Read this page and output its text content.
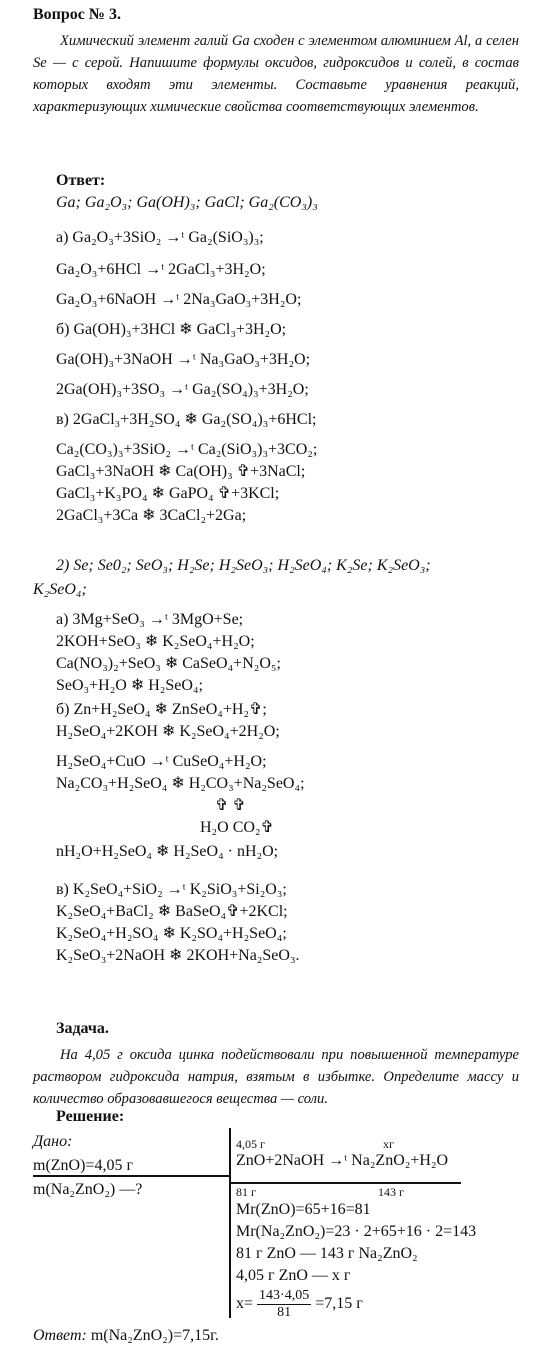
Вопрос № 3.
Химический элемент галий Ga сходен с элементом алюминием Al, а селен Se — с серой. Напишите формулы оксидов, гидроксидов и солей, в состав которых входят эти элементы. Составьте уравнения реакций, характеризующих химические свойства соответствующих элементов.
Ответ:
Ga; Ga₂O₃; Ga(OH)₃; GaCl; Ga₂(CO₃)₃
а) Ga₂O₃+3SiO₂ →ᵗ Ga₂(SiO₃)₃;
Ga₂O₃+6HCl →ᵗ 2GaCl₃+3H₂O;
Ga₂O₃+6NaOH →ᵗ 2Na₃GaO₃+3H₂O;
б) Ga(OH)₃+3HCl ❄ GaCl₃+3H₂O;
Ga(OH)₃+3NaOH →ᵗ Na₃GaO₃+3H₂O;
2Ga(OH)₃+3SO₃ →ᵗ Ga₂(SO₄)₃+3H₂O;
в) 2GaCl₃+3H₂SO₄ ❄ Ga₂(SO₄)₃+6HCl;
Ca₂(CO₃)₃+3SiO₂ →ᵗ Ca₂(SiO₃)₃+3CO₂;
GaCl₃+3NaOH ❄ Ca(OH)₃ ✞+3NaCl;
GaCl₃+K₃PO₄ ❄ GaPO₄ ✞+3KCl;
2GaCl₃+3Ca ❄ 3CaCl₂+2Ga;
2) Se; Se0₂; SeO₃; H₂Se; H₂SeO₃; H₂SeO₄; K₂Se; K₂SeO₃;
K₂SeO₄;
а) 3Mg+SeO₃ →ᵗ 3MgO+Se;
2KOH+SeO₃ ❄ K₂SeO₄+H₂O;
Ca(NO₃)₂+SeO₃ ❄ CaSeO₄+N₂O₅;
SeO₃+H₂O ❄ H₂SeO₄;
б) Zn+H₂SeO₄ ❄ ZnSeO₄+H₂✞;
H₂SeO₄+2KOH ❄ K₂SeO₄+2H₂O;
H₂SeO₄+CuO →ᵗ CuSeO₄+H₂O;
Na₂CO₃+H₂SeO₄ ❄ H₂CO₃+Na₂SeO₄;
✞ ✞
H₂O CO₂✞
nH₂O+H₂SeO₄ ❄ H₂SeO₄ · nH₂O;
в) K₂SeO₄+SiO₂ →ᵗ K₂SiO₃+Si₂O₃;
K₂SeO₄+BaCl₂ ❄ BaSeO₄✞+2KCl;
K₂SeO₄+H₂SO₄ ❄ K₂SO₄+H₂SeO₄;
K₂SeO₃+2NaOH ❄ 2KOH+Na₂SeO₃.
Задача.
На 4,05 г оксида цинка подействовали при повышенной температуре раствором гидроксида натрия, взятым в избытке. Определите массу и количество образовавшегося вещества — соли.
Решение:
Дано:
m(ZnO)=4,05 г
m(Na₂ZnO₂) —?
4,05 г	хг
ZnO+2NaOH →ᵗ Na₂ZnO₂+H₂O
81 г	143 г
Mr(ZnO)=65+16=81
Mr(Na₂ZnO₂)=23 · 2+65+16 · 2=143
81 г ZnO — 143 г Na₂ZnO₂
4,05 г ZnO — х г
$х= \frac{143\cdot 4,05}{81} =7,15$ г
Ответ: m(Na₂ZnO₂)=7,15г.
